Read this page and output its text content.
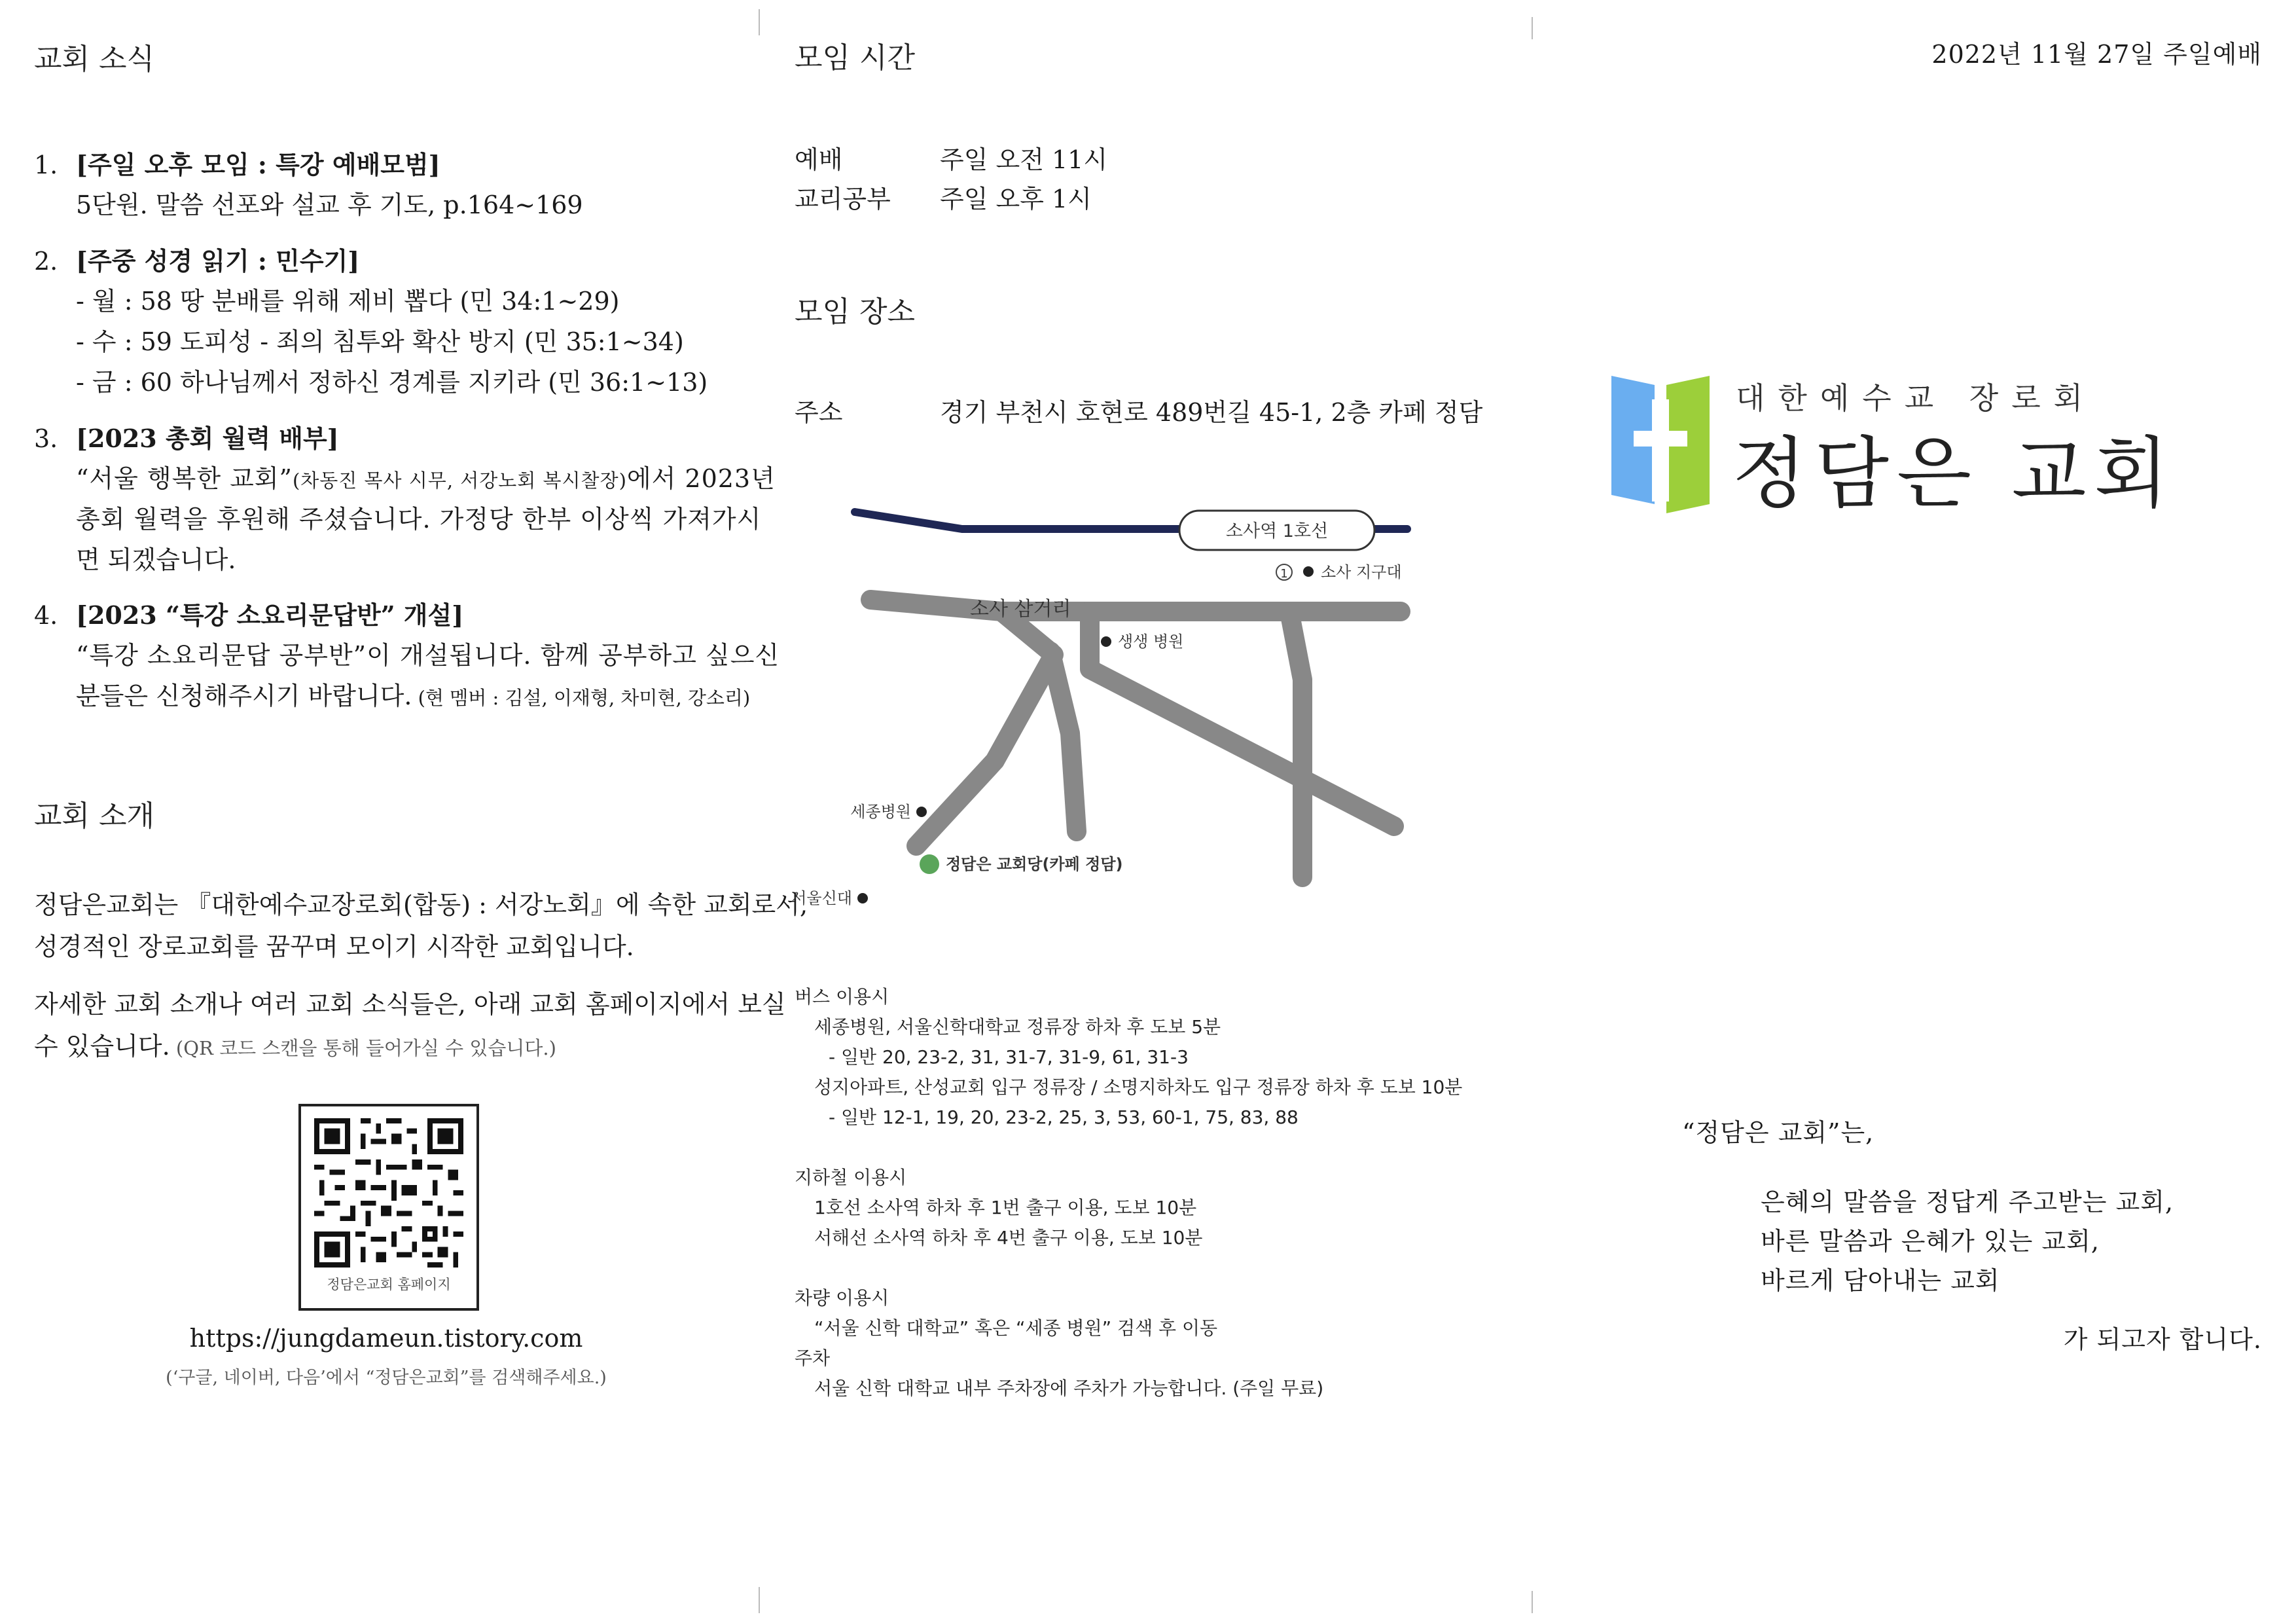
교회 소식
1. [주일 오후 모임 : 특강 예배모범]
5단원. 말씀 선포와 설교 후 기도, p.164~169
2. [주중 성경 읽기 : 민수기]
- 월 : 58 땅 분배를 위해 제비 뽑다 (민 34:1~29)
- 수 : 59 도피성 - 죄의 침투와 확산 방지 (민 35:1~34)
- 금 : 60 하나님께서 정하신 경계를 지키라 (민 36:1~13)
3. [2023 총회 월력 배부]
“서울 행복한 교회”(차동진 목사 시무, 서강노회 복시찰장)에서 2023년
총회 월력을 후원해 주셨습니다. 가정당 한부 이상씩 가져가시
면 되겠습니다.
4. [2023 “특강 소요리문답반” 개설]
“특강 소요리문답 공부반”이 개설됩니다. 함께 공부하고 싶으신
분들은 신청해주시기 바랍니다. (현 멤버 : 김설, 이재형, 차미현, 강소리)
교회 소개
정담은교회는 『대한예수교장로회(합동) : 서강노회』에 속한 교회로서,
성경적인 장로교회를 꿈꾸며 모이기 시작한 교회입니다.
자세한 교회 소개나 여러 교회 소식들은, 아래 교회 홈페이지에서 보실
수 있습니다. (QR 코드 스캔을 통해 들어가실 수 있습니다.)
정담은교회 홈페이지
https://jungdameun.tistory.com
(‘구글, 네이버, 다음’에서 “정담은교회”를 검색해주세요.)
모임 시간
예배	주일 오전 11시
교리공부 주일 오후 1시
모임 장소
주소	경기 부천시 호현로 489번길 45-1, 2층 카페 정담
소사역 1호선
1 소사 지구대
소사 삼거리
생생 병원
세종병원
정담은 교회당(카페 정담)
서울신대
버스 이용시
세종병원, 서울신학대학교 정류장 하차 후 도보 5분
- 일반 20, 23-2, 31, 31-7, 31-9, 61, 31-3
성지아파트, 산성교회 입구 정류장 / 소명지하차도 입구 정류장 하차 후 도보 10분
- 일반 12-1, 19, 20, 23-2, 25, 3, 53, 60-1, 75, 83, 88
지하철 이용시
1호선 소사역 하차 후 1번 출구 이용, 도보 10분
서해선 소사역 하차 후 4번 출구 이용, 도보 10분
차량 이용시
“서울 신학 대학교” 혹은 “세종 병원” 검색 후 이동
주차
서울 신학 대학교 내부 주차장에 주차가 가능합니다. (주일 무료)
2022년 11월 27일 주일예배
대한예수교 장로회
정담은 교회
“정담은 교회”는,
은혜의 말씀을 정답게 주고받는 교회,
바른 말씀과 은혜가 있는 교회,
바르게 담아내는 교회
가 되고자 합니다.
